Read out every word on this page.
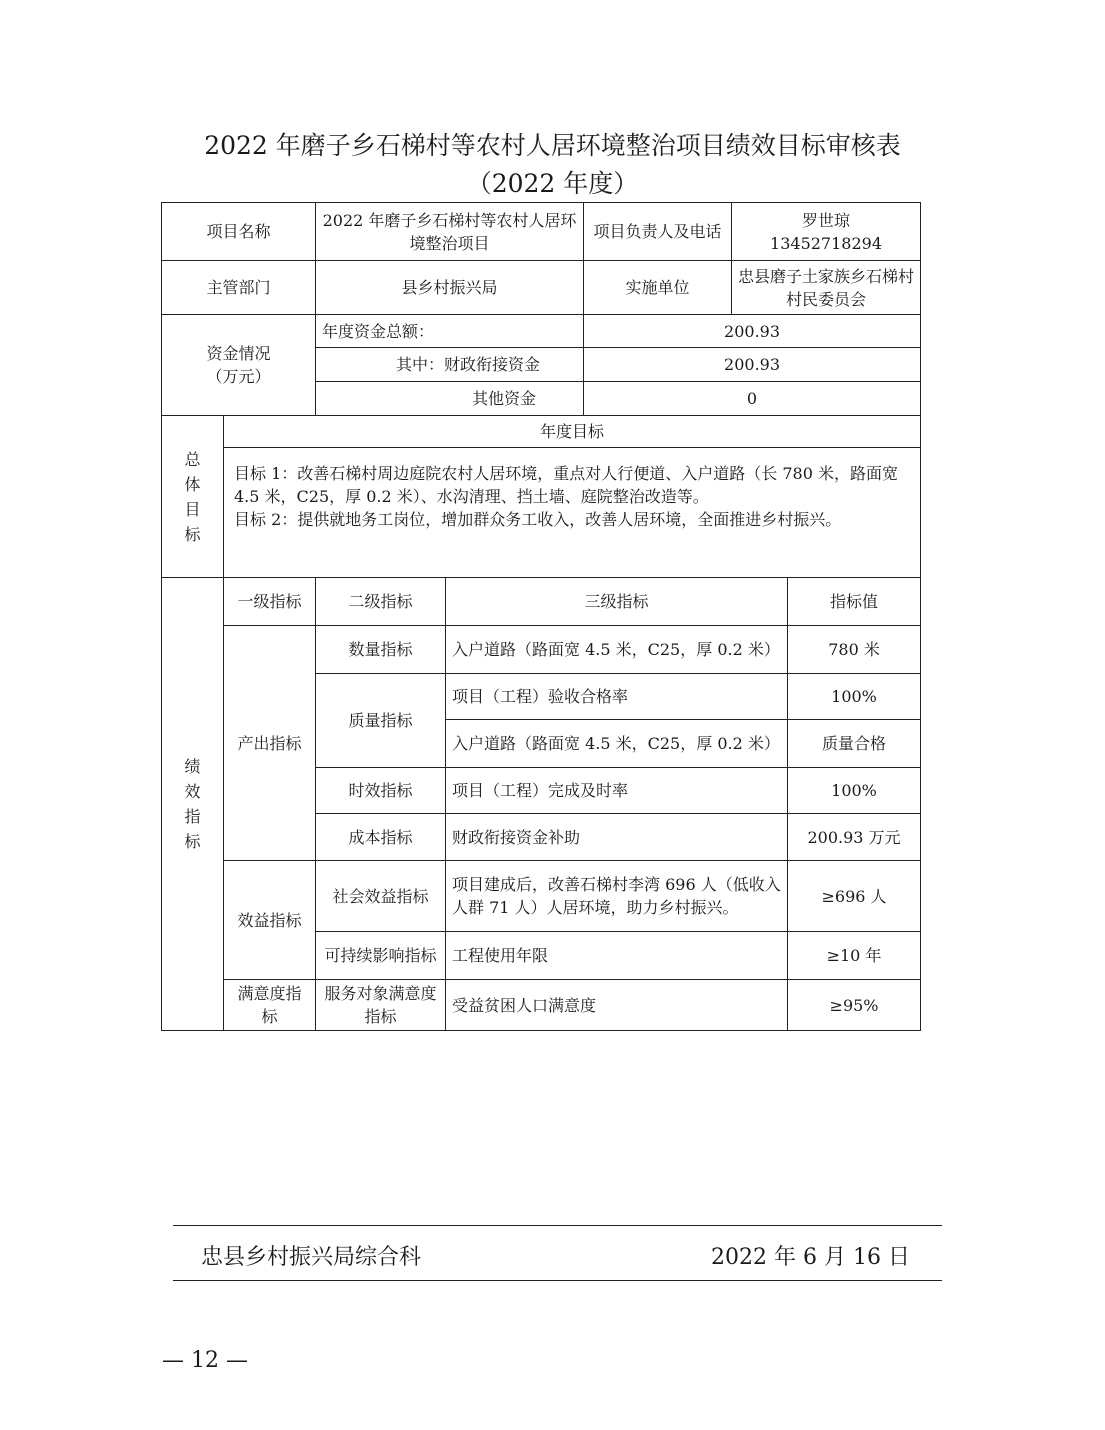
2022 年磨子乡石梯村等农村人居环境整治项目绩效目标审核表
（2022 年度）
项目名称		2022 年磨子乡石梯村等农村人居环境整治项目		项目负责人及电话	罗世琼
13452718294	

主管部门		县乡村振兴局		实施单位	忠县磨子土家族乡石梯村村民委员会	
资金情况（万元）		年度资金总额：		200.93		
		其中：财政衔接资金		200.93		
		其他资金		0		

总体目标	年度目标					

	目标 1：改善石梯村周边庭院农村人居环境，重点对人行便道、入户道路（长 780 米，路面宽 4.5 米，C25，厚 0.2 米）、水沟清理、挡土墙、庭院整治改造等。
目标 2：提供就地务工岗位，增加群众务工收入，改善人居环境，全面推进乡村振兴。					

绩效指标	一级指标	二级指标	三级指标			指标值
	产出指标	数量指标	入户道路（路面宽 4.5 米，C25，厚 0.2 米）			780 米
		质量指标	项目（工程）验收合格率			100%
			入户道路（路面宽 4.5 米，C25，厚 0.2 米）			质量合格
		时效指标	项目（工程）完成及时率			100%
		成本指标	财政衔接资金补助			200.93 万元
	效益指标	社会效益指标	项目建成后，改善石梯村李湾 696 人（低收入人群 71 人）人居环境，助力乡村振兴。			≥696 人
		可持续影响指标	工程使用年限			≥10 年
	满意度指标	服务对象满意度指标	受益贫困人口满意度			≥95%
忠县乡村振兴局综合科	2022 年 6 月 16 日
— 12 —
